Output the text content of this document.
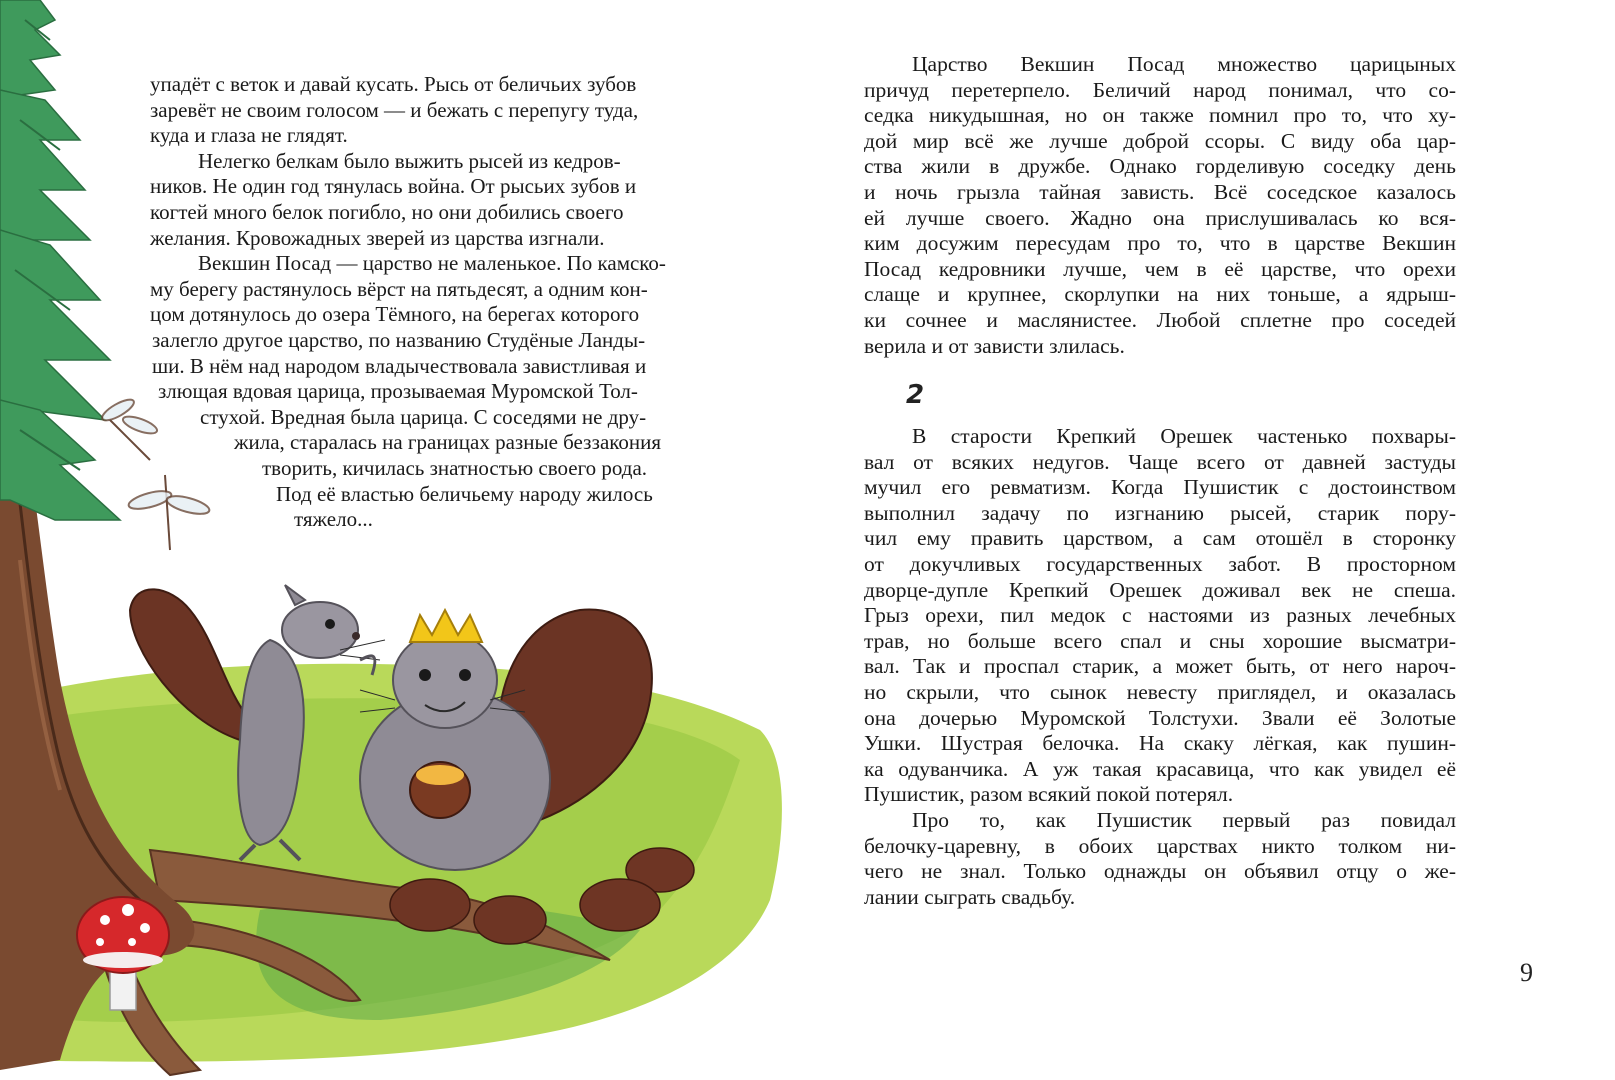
упадёт с веток и давай кусать. Рысь от беличьих зубов
заревёт не своим голосом — и бежать с перепугу туда,
куда и глаза не глядят.
Нелегко белкам было выжить рысей из кедров-
ников. Не один год тянулась война. От рысьих зубов и
когтей много белок погибло, но они добились своего
желания. Кровожадных зверей из царства изгнали.
Векшин Посад — царство не маленькое. По камско-
му берегу растянулось вёрст на пятьдесят, а одним кон-
цом дотянулось до озера Тёмного, на берегах которого
залегло другое царство, по названию Студёные Ланды-
ши. В нём над народом владычествовала завистливая и
злющая вдовая царица, прозываемая Муромской Тол-
стухой. Вредная была царица. С соседями не дру-
жила, старалась на границах разные беззакония
творить, кичилась знатностью своего рода.
Под её властью беличьему народу жилось
тяжело...
Царство Векшин Посад множество царицыных
причуд перетерпело. Беличий народ понимал, что со-
седка никудышная, но он также помнил про то, что ху-
дой мир всё же лучше доброй ссоры. С виду оба цар-
ства жили в дружбе. Однако горделивую соседку день
и ночь грызла тайная зависть. Всё соседское казалось
ей лучше своего. Жадно она прислушивалась ко вся-
ким досужим пересудам про то, что в царстве Векшин
Посад кедровники лучше, чем в её царстве, что орехи
слаще и крупнее, скорлупки на них тоньше, а ядрыш-
ки сочнее и маслянистее. Любой сплетне про соседей
верила и от зависти злилась.
2
В старости Крепкий Орешек частенько похвары-
вал от всяких недугов. Чаще всего от давней застуды
мучил его ревматизм. Когда Пушистик с достоинством
выполнил задачу по изгнанию рысей, старик пору-
чил ему править царством, а сам отошёл в сторонку
от докучливых государственных забот. В просторном
дворце-дупле Крепкий Орешек доживал век не спеша.
Грыз орехи, пил медок с настоями из разных лечебных
трав, но больше всего спал и сны хорошие высматри-
вал. Так и проспал старик, а может быть, от него нароч-
но скрыли, что сынок невесту приглядел, и оказалась
она дочерью Муромской Толстухи. Звали её Золотые
Ушки. Шустрая белочка. На скаку лёгкая, как пушин-
ка одуванчика. А уж такая красавица, что как увидел её
Пушистик, разом всякий покой потерял.
Про то, как Пушистик первый раз повидал
белочку-царевну, в обоих царствах никто толком ни-
чего не знал. Только однажды он объявил отцу о же-
лании сыграть свадьбу.
9
